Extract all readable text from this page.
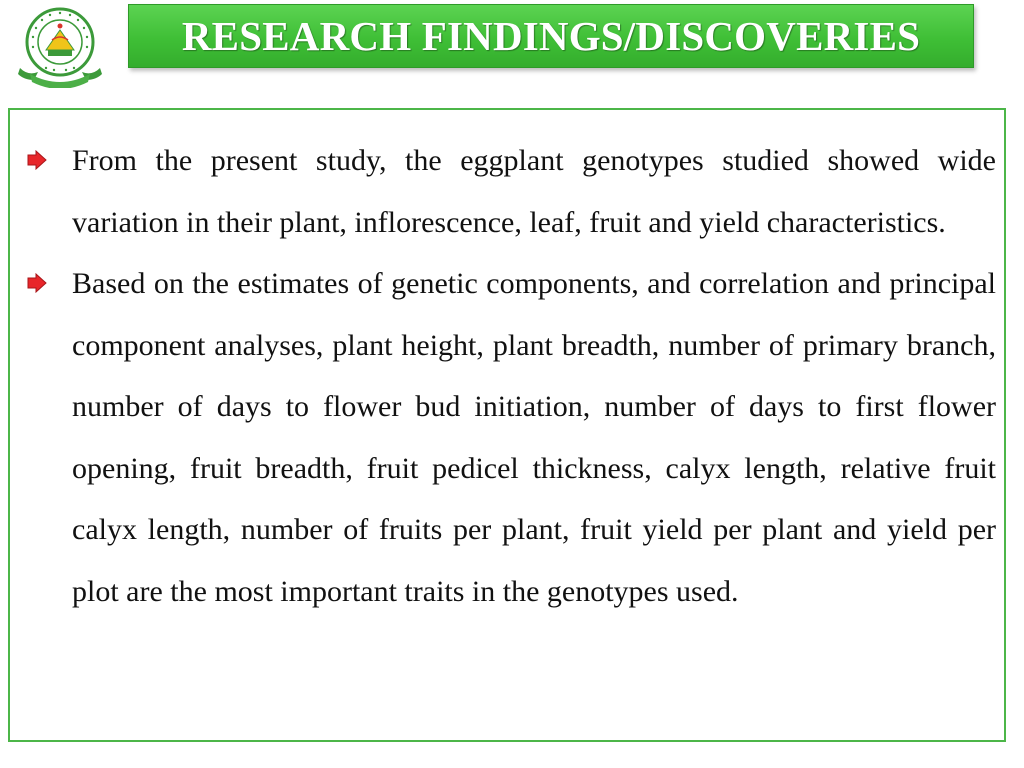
RESEARCH FINDINGS/DISCOVERIES
From the present study, the eggplant genotypes studied showed wide variation in their plant, inflorescence, leaf, fruit and yield characteristics.
Based on the estimates of genetic components, and correlation and principal component analyses, plant height, plant breadth, number of primary branch, number of days to flower bud initiation, number of days to first flower opening, fruit breadth, fruit pedicel thickness, calyx length, relative fruit calyx length, number of fruits per plant, fruit yield per plant and yield per plot are the most important traits in the genotypes used.
